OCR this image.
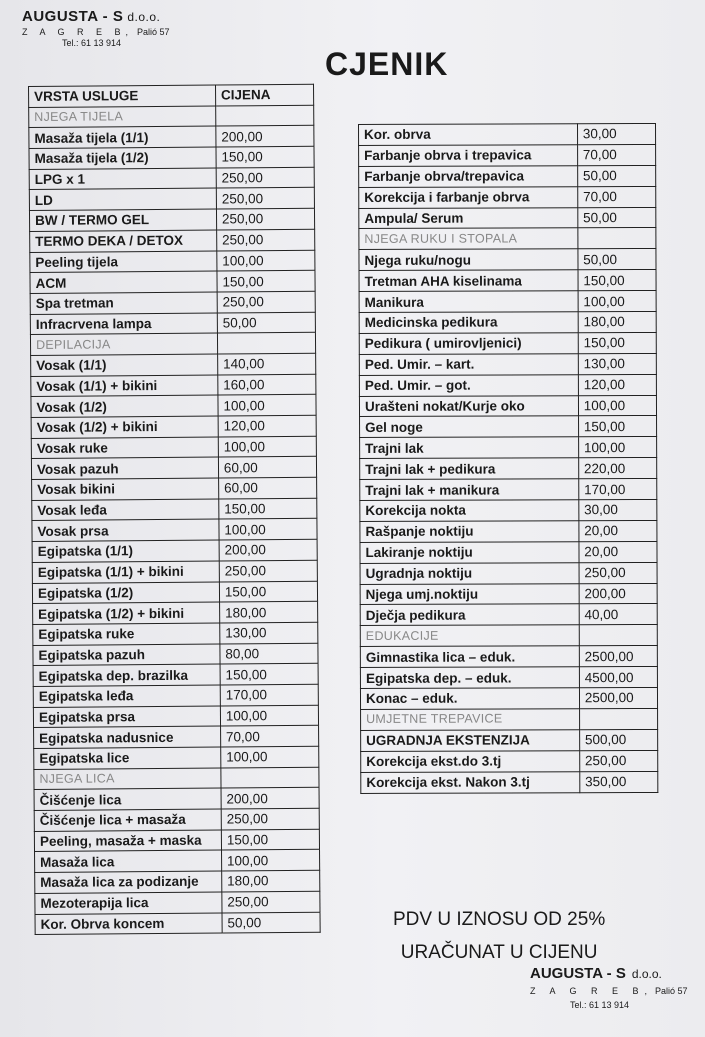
AUGUSTA - S d.o.o.
Z A G R E B, Palió 57
Tel.: 61 13 914
CJENIK
VRSTA USLUGE	CIJENA
NJEGA TIJELA	
Masaža tijela (1/1)	200,00
Masaža tijela (1/2)	150,00
LPG x 1	250,00
LD	250,00
BW / TERMO GEL	250,00
TERMO DEKA / DETOX	250,00
Peeling tijela	100,00
ACM	150,00
Spa tretman	250,00
Infracrvena lampa	50,00
DEPILACIJA	
Vosak (1/1)	140,00
Vosak (1/1) + bikini	160,00
Vosak (1/2)	100,00
Vosak (1/2) + bikini	120,00
Vosak ruke	100,00
Vosak pazuh	60,00
Vosak bikini	60,00
Vosak leđa	150,00
Vosak prsa	100,00
Egipatska (1/1)	200,00
Egipatska (1/1) + bikini	250,00
Egipatska (1/2)	150,00
Egipatska (1/2) + bikini	180,00
Egipatska ruke	130,00
Egipatska pazuh	80,00
Egipatska dep. brazilka	150,00
Egipatska leđa	170,00
Egipatska prsa	100,00
Egipatska nadusnice	70,00
Egipatska lice	100,00
NJEGA LICA	
Čišćenje lica	200,00
Čišćenje lica + masaža	250,00
Peeling, masaža + maska	150,00
Masaža lica	100,00
Masaža lica za podizanje	180,00
Mezoterapija lica	250,00
Kor. Obrva koncem	50,00
Kor. obrva	30,00
Farbanje obrva i trepavica	70,00
Farbanje obrva/trepavica	50,00
Korekcija i farbanje obrva	70,00
Ampula/ Serum	50,00
NJEGA RUKU I STOPALA	
Njega ruku/nogu	50,00
Tretman AHA kiselinama	150,00
Manikura	100,00
Medicinska pedikura	180,00
Pedikura ( umirovljenici)	150,00
Ped. Umir. – kart.	130,00
Ped. Umir. – got.	120,00
Urašteni nokat/Kurje oko	100,00
Gel noge	150,00
Trajni lak	100,00
Trajni lak + pedikura	220,00
Trajni lak + manikura	170,00
Korekcija nokta	30,00
Rašpanje noktiju	20,00
Lakiranje noktiju	20,00
Ugradnja noktiju	250,00
Njega umj.noktiju	200,00
Dječja pedikura	40,00
EDUKACIJE	
Gimnastika lica – eduk.	2500,00
Egipatska dep. – eduk.	4500,00
Konac – eduk.	2500,00
UMJETNE TREPAVICE	
UGRADNJA EKSTENZIJA	500,00
Korekcija ekst.do 3.tj	250,00
Korekcija ekst. Nakon 3.tj	350,00
PDV U IZNOSU OD 25%
URAČUNAT U CIJENU
AUGUSTA - S d.o.o.
Z A G R E B, Palió 57
Tel.: 61 13 914
